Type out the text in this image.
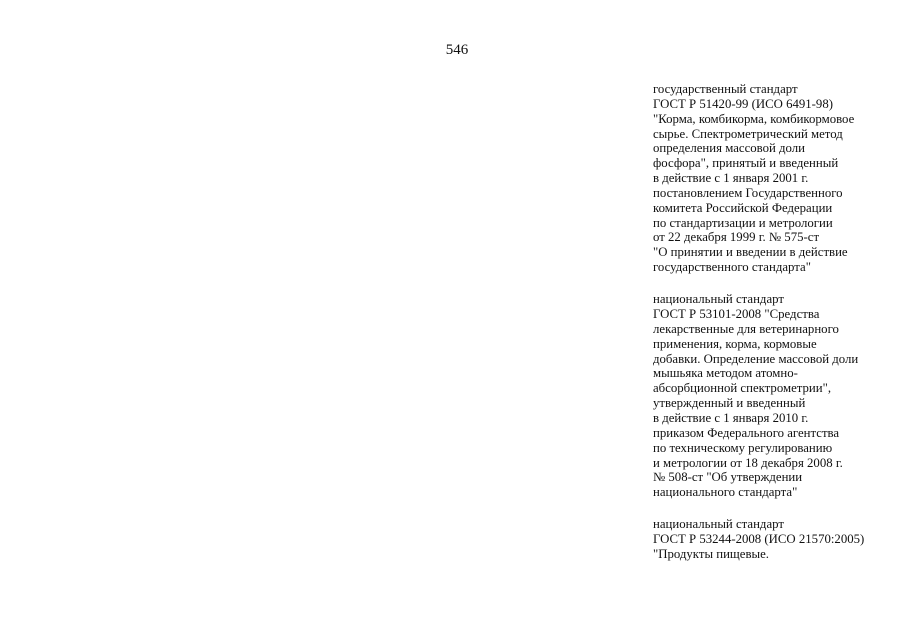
546
государственный стандарт
ГОСТ Р 51420-99 (ИСО 6491-98)
"Корма, комбикорма, комбикормовое
сырье. Спектрометрический метод
определения массовой доли
фосфора", принятый и введенный
в действие с 1 января 2001 г.
постановлением Государственного
комитета Российской Федерации
по стандартизации и метрологии
от 22 декабря 1999 г. № 575-ст
"О принятии и введении в действие
государственного стандарта"
национальный стандарт
ГОСТ Р 53101-2008 "Средства
лекарственные для ветеринарного
применения, корма, кормовые
добавки. Определение массовой доли
мышьяка методом атомно-
абсорбционной спектрометрии",
утвержденный и введенный
в действие с 1 января 2010 г.
приказом Федерального агентства
по техническому регулированию
и метрологии от 18 декабря 2008 г.
№ 508-ст "Об утверждении
национального стандарта"
национальный стандарт
ГОСТ Р 53244-2008 (ИСО 21570:2005)
"Продукты пищевые.
